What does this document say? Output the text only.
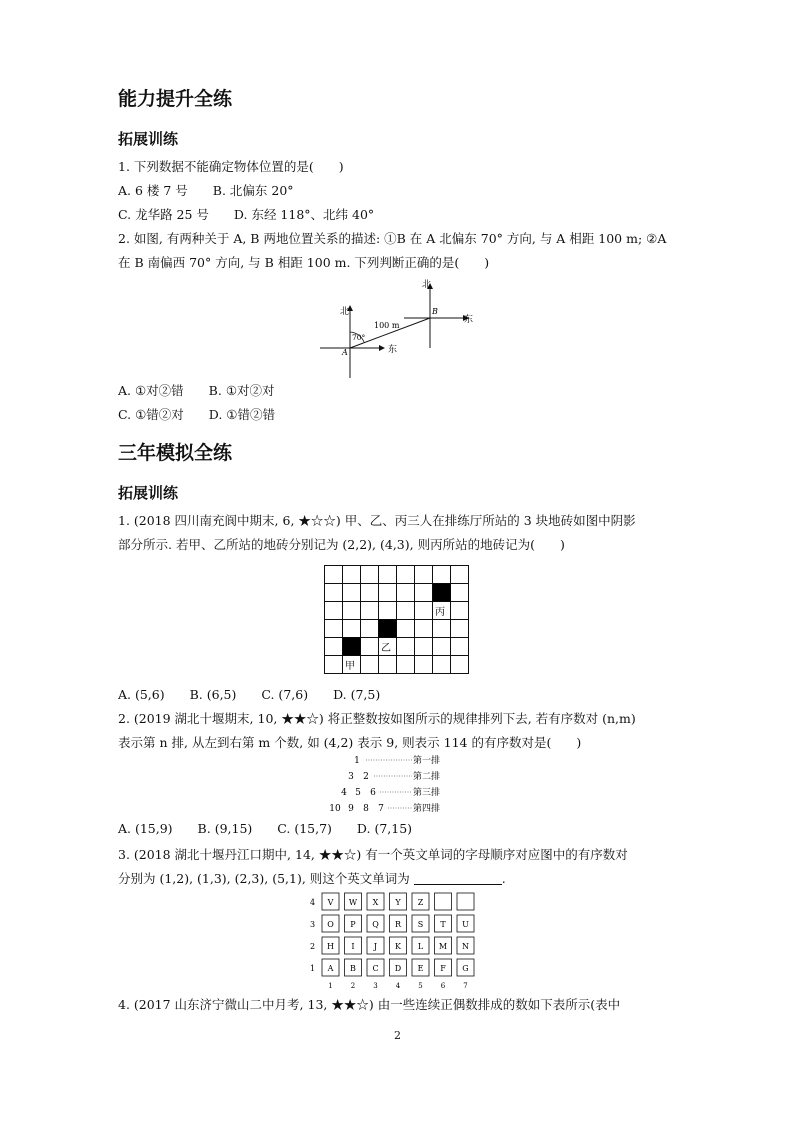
能力提升全练
拓展训练
1. 下列数据不能确定物体位置的是(　　)
A. 6 楼 7 号　　B. 北偏东 20°
C. 龙华路 25 号　　D. 东经 118°、北纬 40°
2. 如图, 有两种关于 A, B 两地位置关系的描述: ①B 在 A 北偏东 70° 方向, 与 A 相距 100 m; ②A
在 B 南偏西 70° 方向, 与 B 相距 100 m. 下列判断正确的是(　　)
北
北
东
东
A
B
100 m
70°
A. ①对②错　　B. ①对②对
C. ①错②对　　D. ①错②错
三年模拟全练
拓展训练
1. (2018 四川南充阆中期末, 6, ★☆☆) 甲、乙、丙三人在排练厅所站的 3 块地砖如图中阴影
部分所示. 若甲、乙所站的地砖分别记为 (2,2), (4,3), 则丙所站的地砖记为(　　)
甲
乙
丙
A. (5,6)　　B. (6,5)　　C. (7,6)　　D. (7,5)
2. (2019 湖北十堰期末, 10, ★★☆) 将正整数按如图所示的规律排列下去, 若有序数对 (n,m)
表示第 n 排, 从左到右第 m 个数, 如 (4,2) 表示 9, 则表示 114 的有序数对是(　　)
1
3 2
4 5 6
10 9 8 7
第一排
第二排
第三排
第四排
A. (15,9)　　B. (9,15)　　C. (15,7)　　D. (7,15)
3. (2018 湖北十堰丹江口期中, 14, ★★☆) 有一个英文单词的字母顺序对应图中的有序数对
分别为 (1,2), (1,3), (2,3), (5,1), 则这个英文单词为	.
4 V W X Y Z
3 O P Q R S T U
2 H I J K L M N
1 A B C D E F G
1	2	3	4	5	6	7
4. (2017 山东济宁微山二中月考, 13, ★★☆) 由一些连续正偶数排成的数如下表所示(表中
2
